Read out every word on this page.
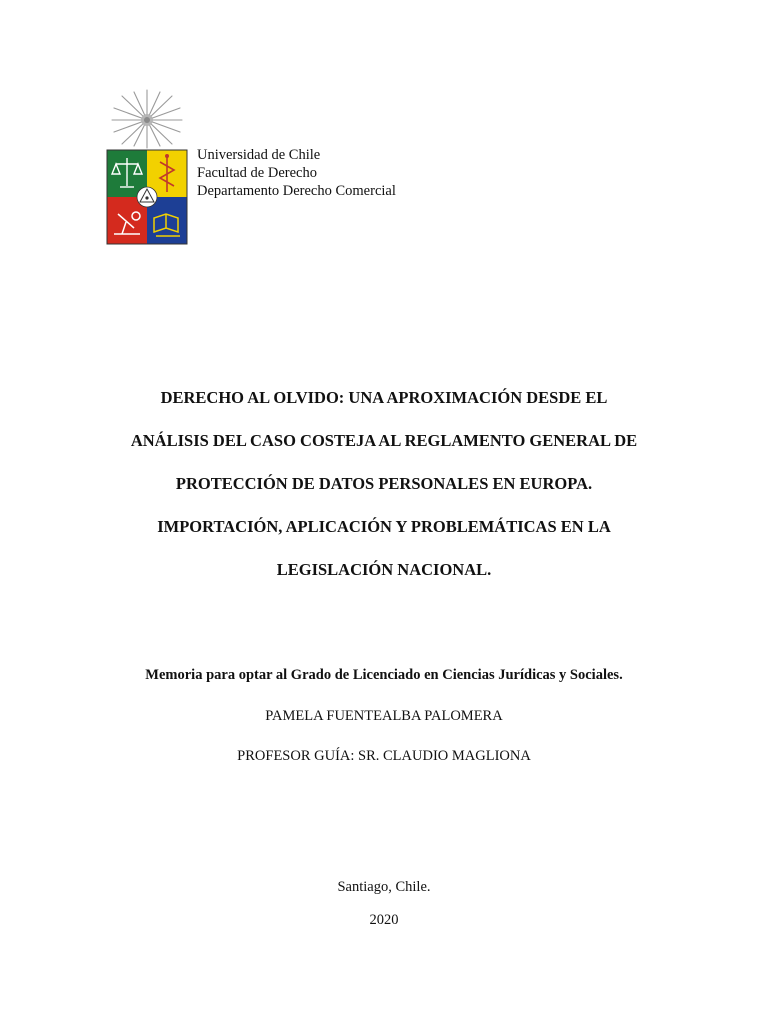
Universidad de Chile
Facultad de Derecho
Departamento Derecho Comercial
DERECHO AL OLVIDO: UNA APROXIMACIÓN DESDE EL
ANÁLISIS DEL CASO COSTEJA AL REGLAMENTO GENERAL DE
PROTECCIÓN DE DATOS PERSONALES EN EUROPA.
IMPORTACIÓN, APLICACIÓN Y PROBLEMÁTICAS EN LA
LEGISLACIÓN NACIONAL.
Memoria para optar al Grado de Licenciado en Ciencias Jurídicas y Sociales.
PAMELA FUENTEALBA PALOMERA
PROFESOR GUÍA: SR. CLAUDIO MAGLIONA
Santiago, Chile.
2020
